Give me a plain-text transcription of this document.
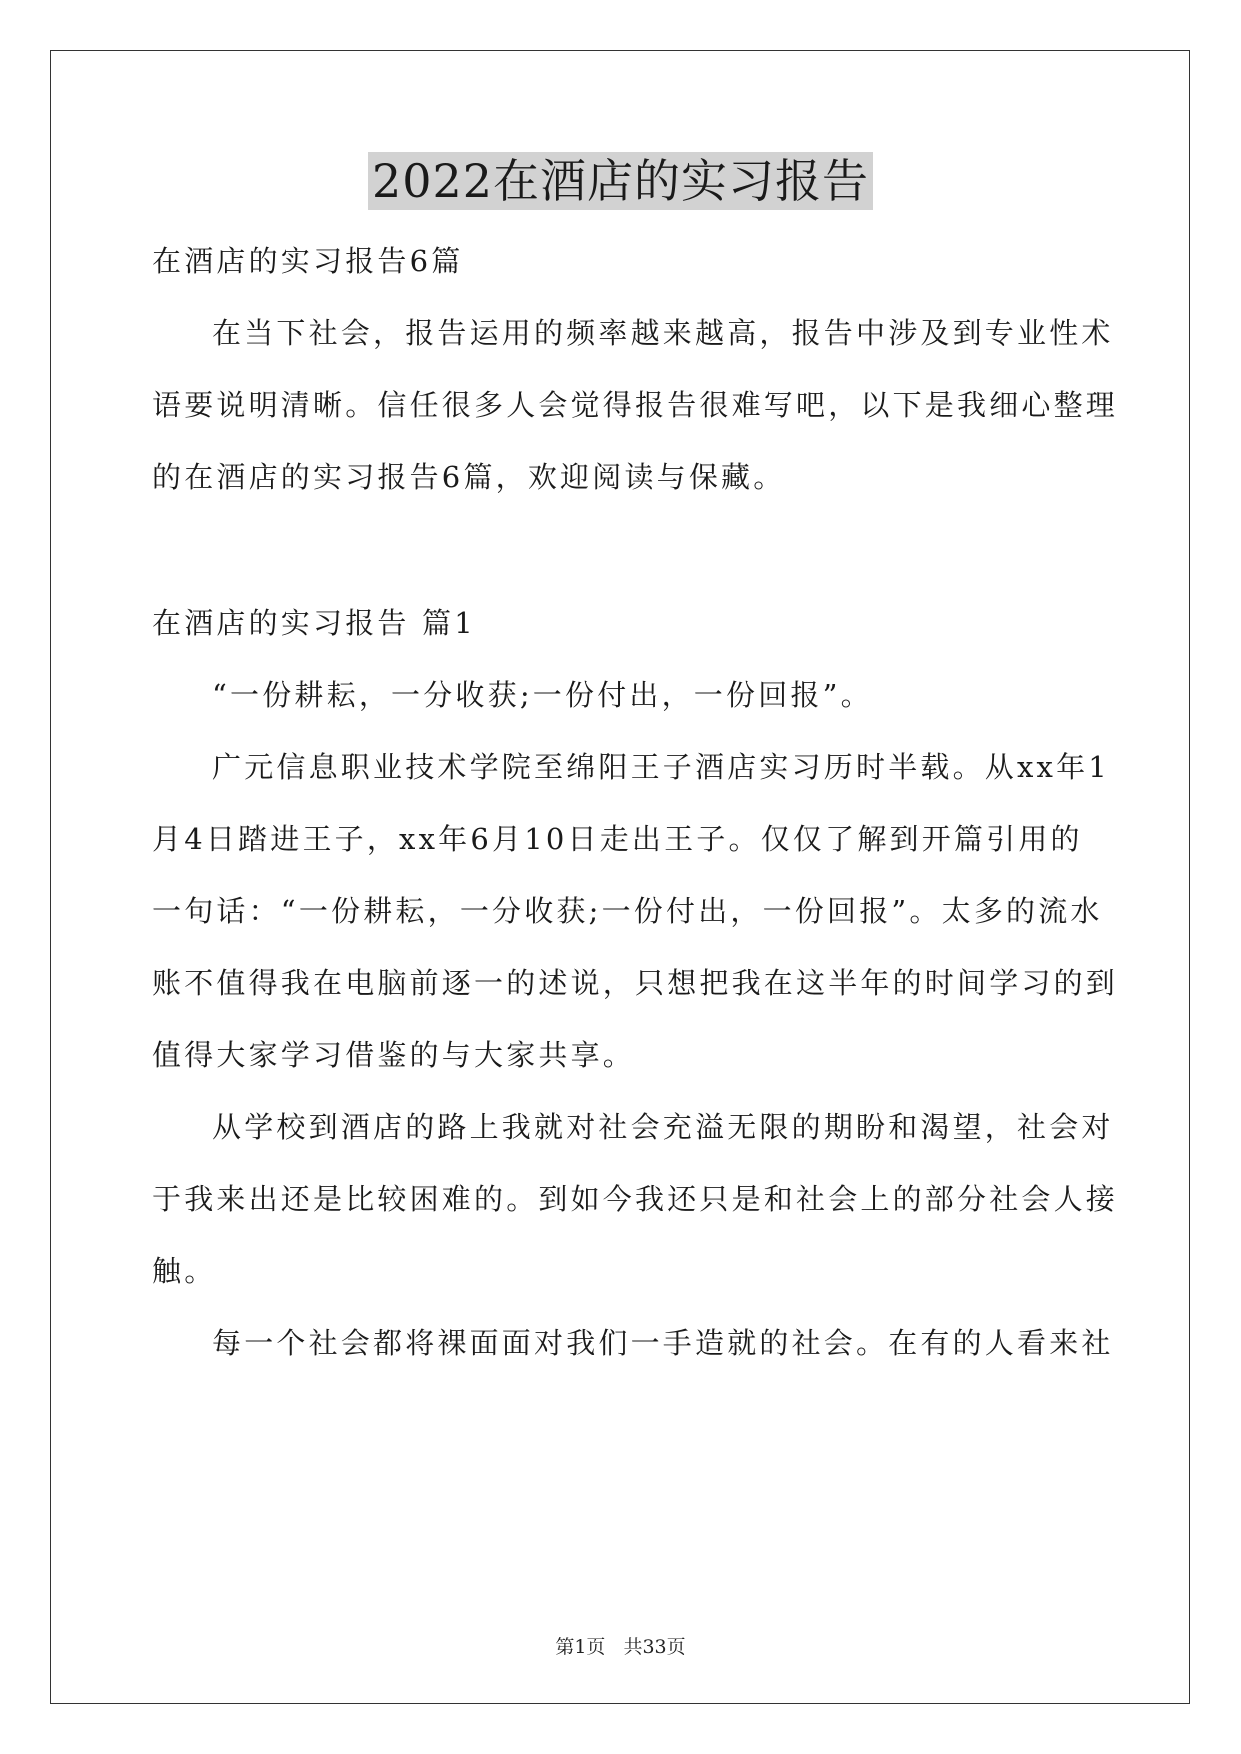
2022在酒店的实习报告
在酒店的实习报告6篇
在当下社会，报告运用的频率越来越高，报告中涉及到专业性术
语要说明清晰。信任很多人会觉得报告很难写吧，以下是我细心整理
的在酒店的实习报告6篇，欢迎阅读与保藏。
在酒店的实习报告 篇1
“一份耕耘，一分收获;一份付出，一份回报”。
广元信息职业技术学院至绵阳王子酒店实习历时半载。从xx年1
月4日踏进王子，xx年6月10日走出王子。仅仅了解到开篇引用的
一句话：“一份耕耘，一分收获;一份付出，一份回报”。太多的流水
账不值得我在电脑前逐一的述说，只想把我在这半年的时间学习的到
值得大家学习借鉴的与大家共享。
从学校到酒店的路上我就对社会充溢无限的期盼和渴望，社会对
于我来出还是比较困难的。到如今我还只是和社会上的部分社会人接
触。
每一个社会都将裸面面对我们一手造就的社会。在有的人看来社
第1页 共33页
